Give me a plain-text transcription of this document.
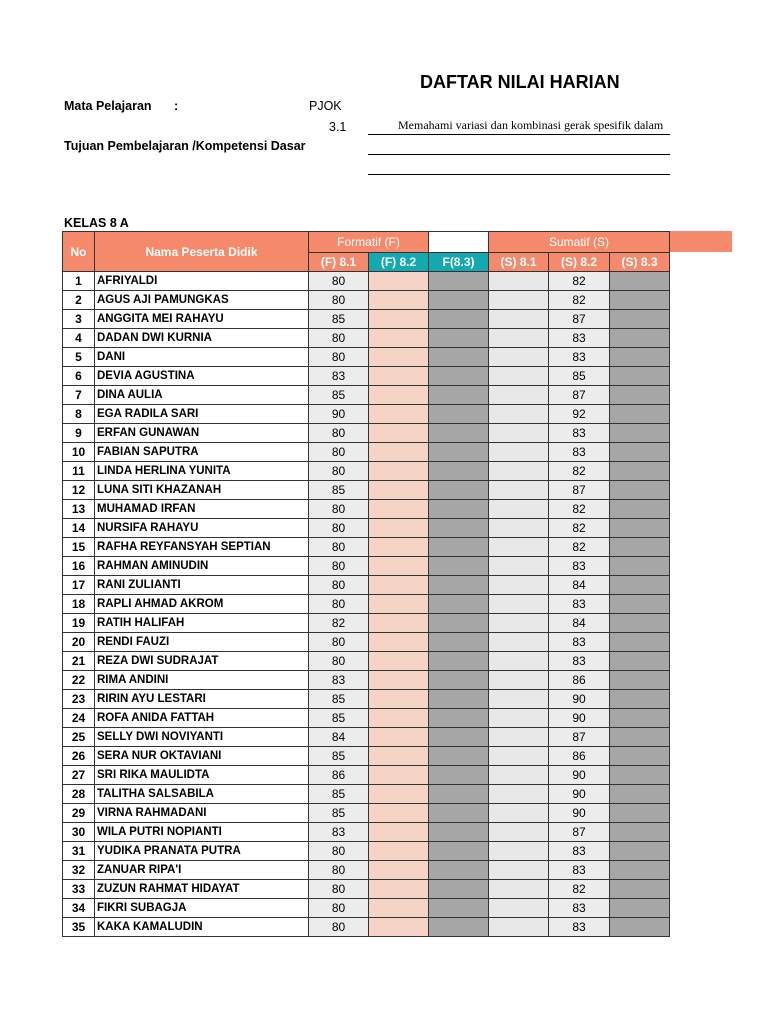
DAFTAR NILAI HARIAN
Mata Pelajaran :	PJOK
3.1	Memahami variasi dan kombinasi gerak spesifik dalam
Tujuan Pembelajaran /Kompetensi Dasar
KELAS 8 A
No	Nama Peserta Didik	Formatif (F)			Sumatif (S)		
		(F) 8.1	(F) 8.2	F(8.3)	(S) 8.1	(S) 8.2	(S) 8.3
1	AFRIYALDI	80				82	
2	AGUS AJI PAMUNGKAS	80				82	
3	ANGGITA MEI RAHAYU	85				87	
4	DADAN DWI KURNIA	80				83	
5	DANI	80				83	
6	DEVIA AGUSTINA	83				85	
7	DINA AULIA	85				87	
8	EGA RADILA SARI	90				92	
9	ERFAN GUNAWAN	80				83	
10	FABIAN SAPUTRA	80				83	
11	LINDA HERLINA YUNITA	80				82	
12	LUNA SITI KHAZANAH	85				87	
13	MUHAMAD IRFAN	80				82	
14	NURSIFA RAHAYU	80				82	
15	RAFHA REYFANSYAH SEPTIAN	80				82	
16	RAHMAN AMINUDIN	80				83	
17	RANI ZULIANTI	80				84	
18	RAPLI AHMAD AKROM	80				83	
19	RATIH HALIFAH	82				84	
20	RENDI FAUZI	80				83	
21	REZA DWI SUDRAJAT	80				83	
22	RIMA ANDINI	83				86	
23	RIRIN AYU LESTARI	85				90	
24	ROFA ANIDA FATTAH	85				90	
25	SELLY DWI NOVIYANTI	84				87	
26	SERA NUR OKTAVIANI	85				86	
27	SRI RIKA MAULIDTA	86				90	
28	TALITHA SALSABILA	85				90	
29	VIRNA RAHMADANI	85				90	
30	WILA PUTRI NOPIANTI	83				87	
31	YUDIKA PRANATA PUTRA	80				83	
32	ZANUAR RIPA'I	80				83	
33	ZUZUN RAHMAT HIDAYAT	80				82	
34	FIKRI SUBAGJA	80				83	
35	KAKA KAMALUDIN	80				83	
